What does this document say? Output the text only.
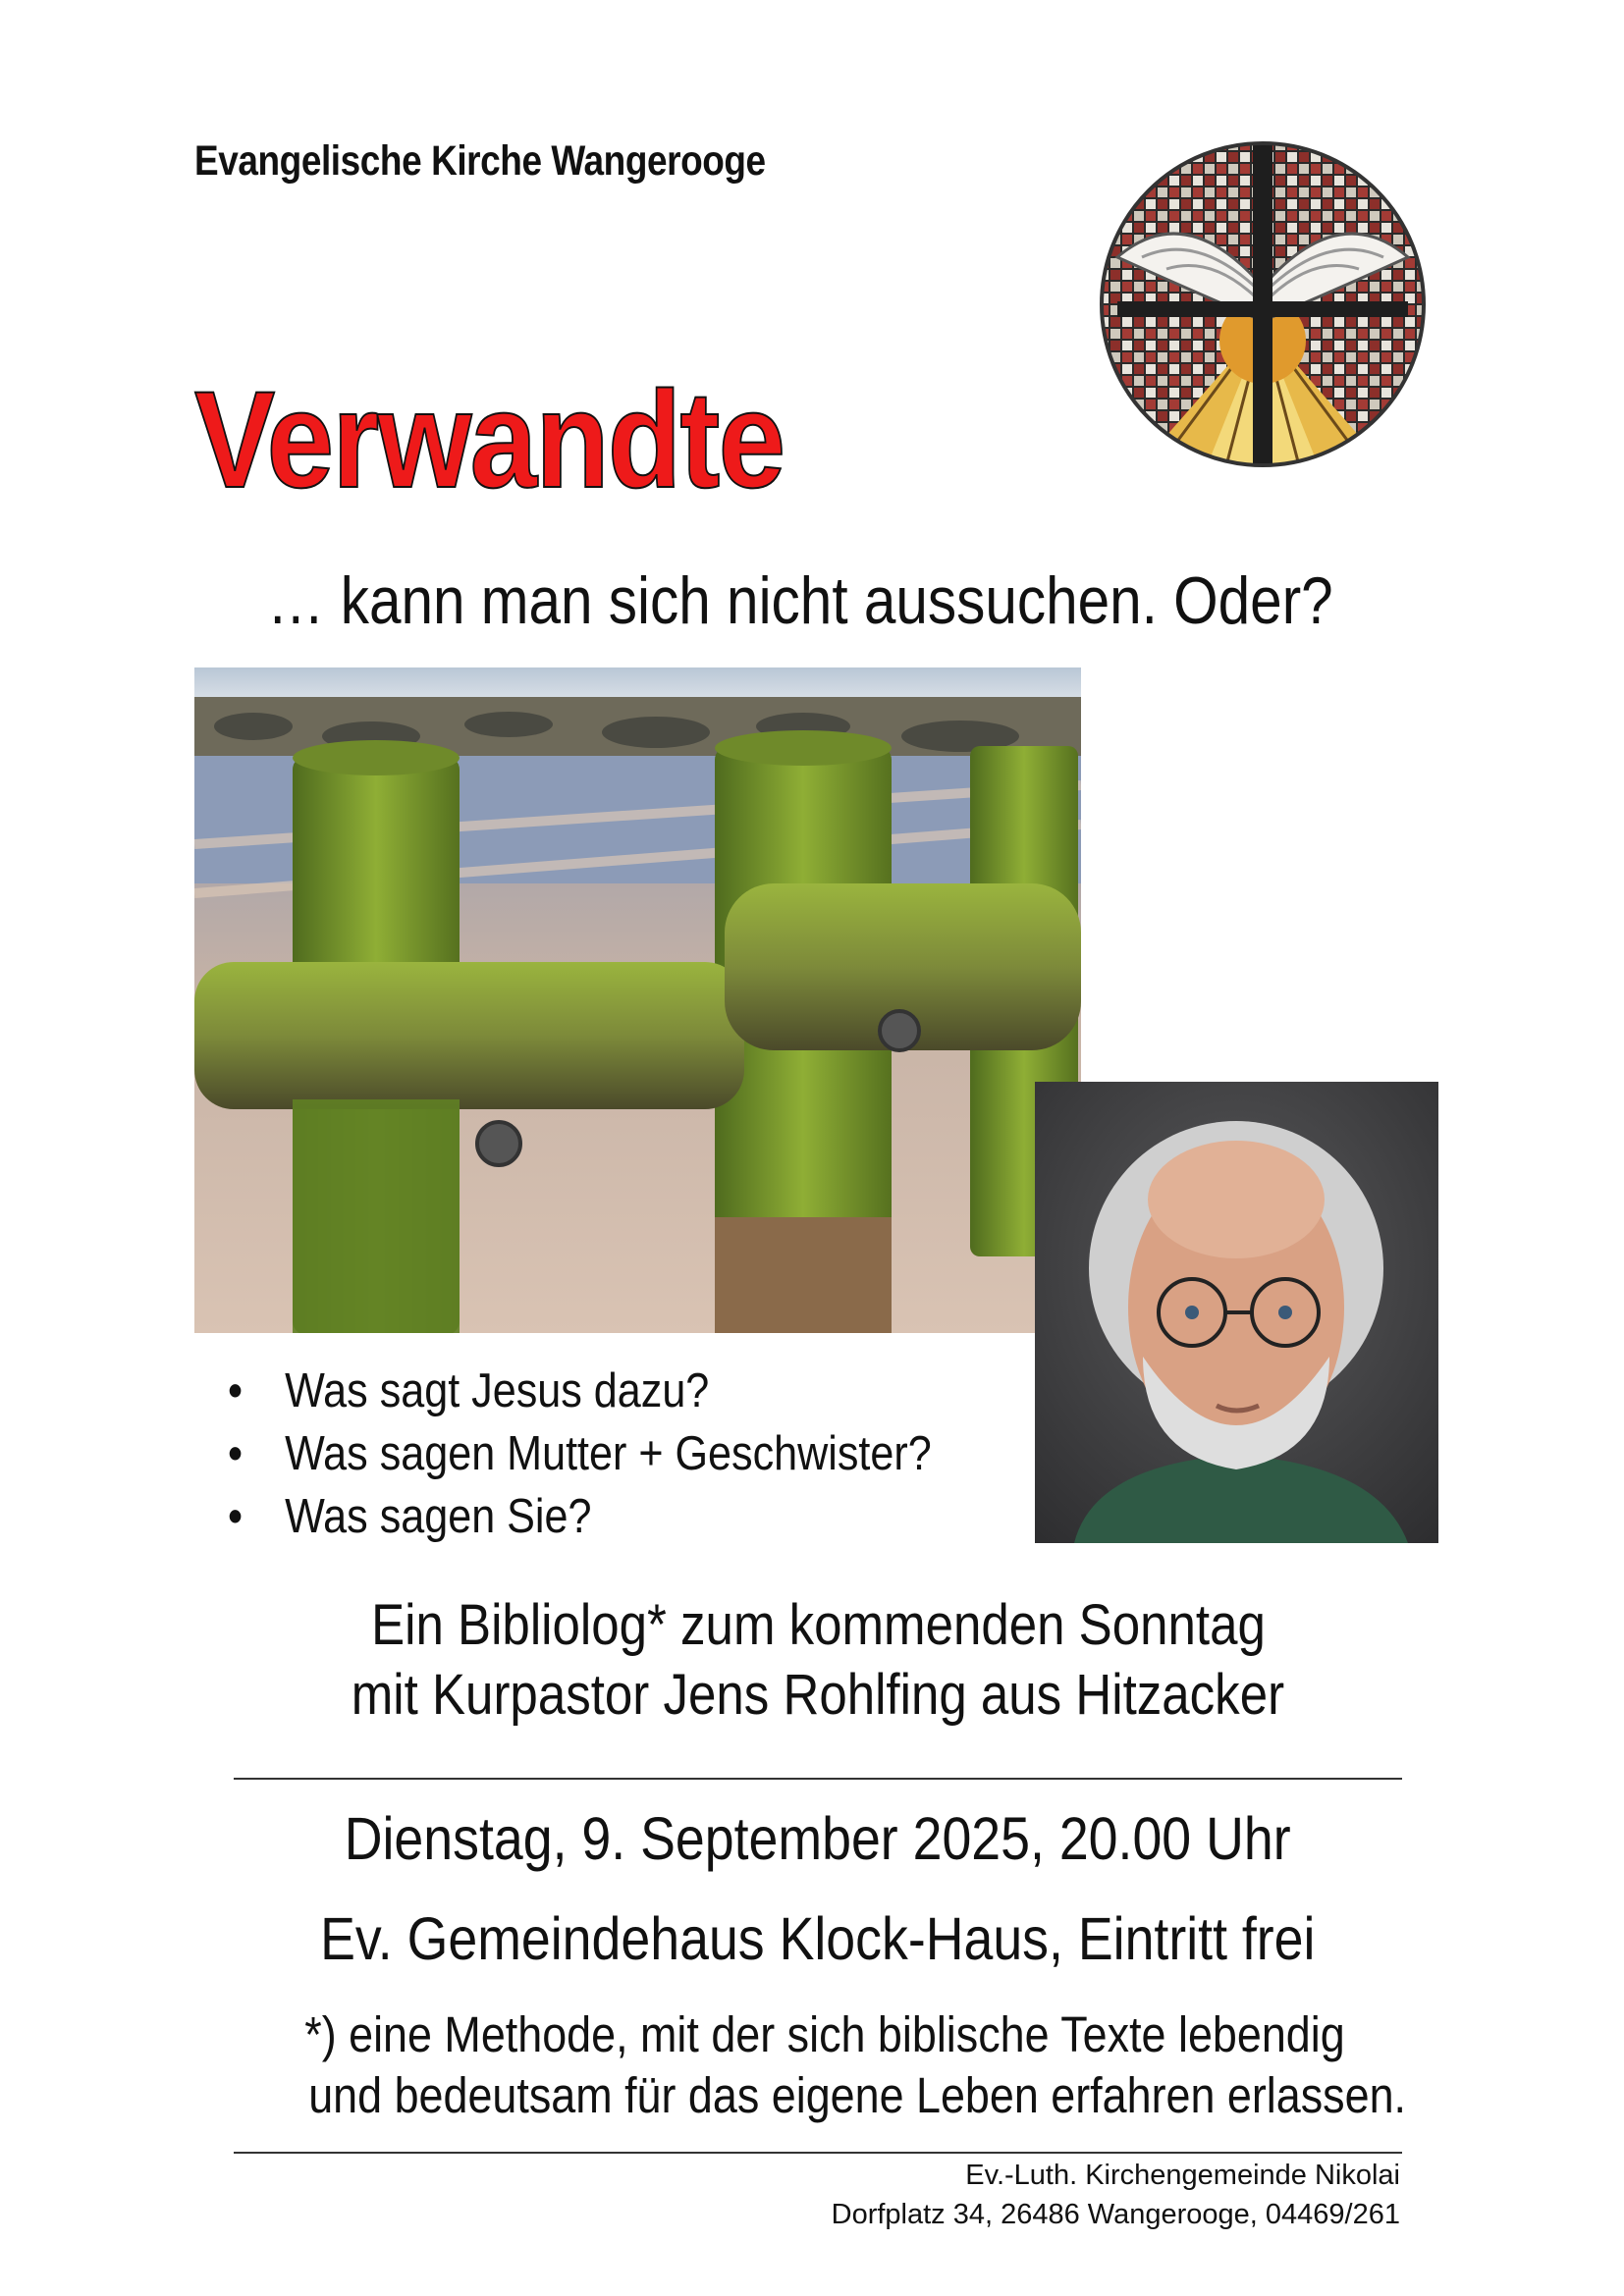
Evangelische Kirche Wangerooge
Verwandte
… kann man sich nicht aussuchen. Oder?
• Was sagt Jesus dazu?
• Was sagen Mutter + Geschwister?
• Was sagen Sie?
Ein Bibliolog* zum kommenden Sonntag
mit Kurpastor Jens Rohlfing aus Hitzacker
Dienstag, 9. September 2025, 20.00 Uhr
Ev. Gemeindehaus Klock-Haus, Eintritt frei
*) eine Methode, mit der sich biblische Texte lebendig
und bedeutsam für das eigene Leben erfahren erlassen.
Ev.-Luth. Kirchengemeinde Nikolai
Dorfplatz 34, 26486 Wangerooge, 04469/261
